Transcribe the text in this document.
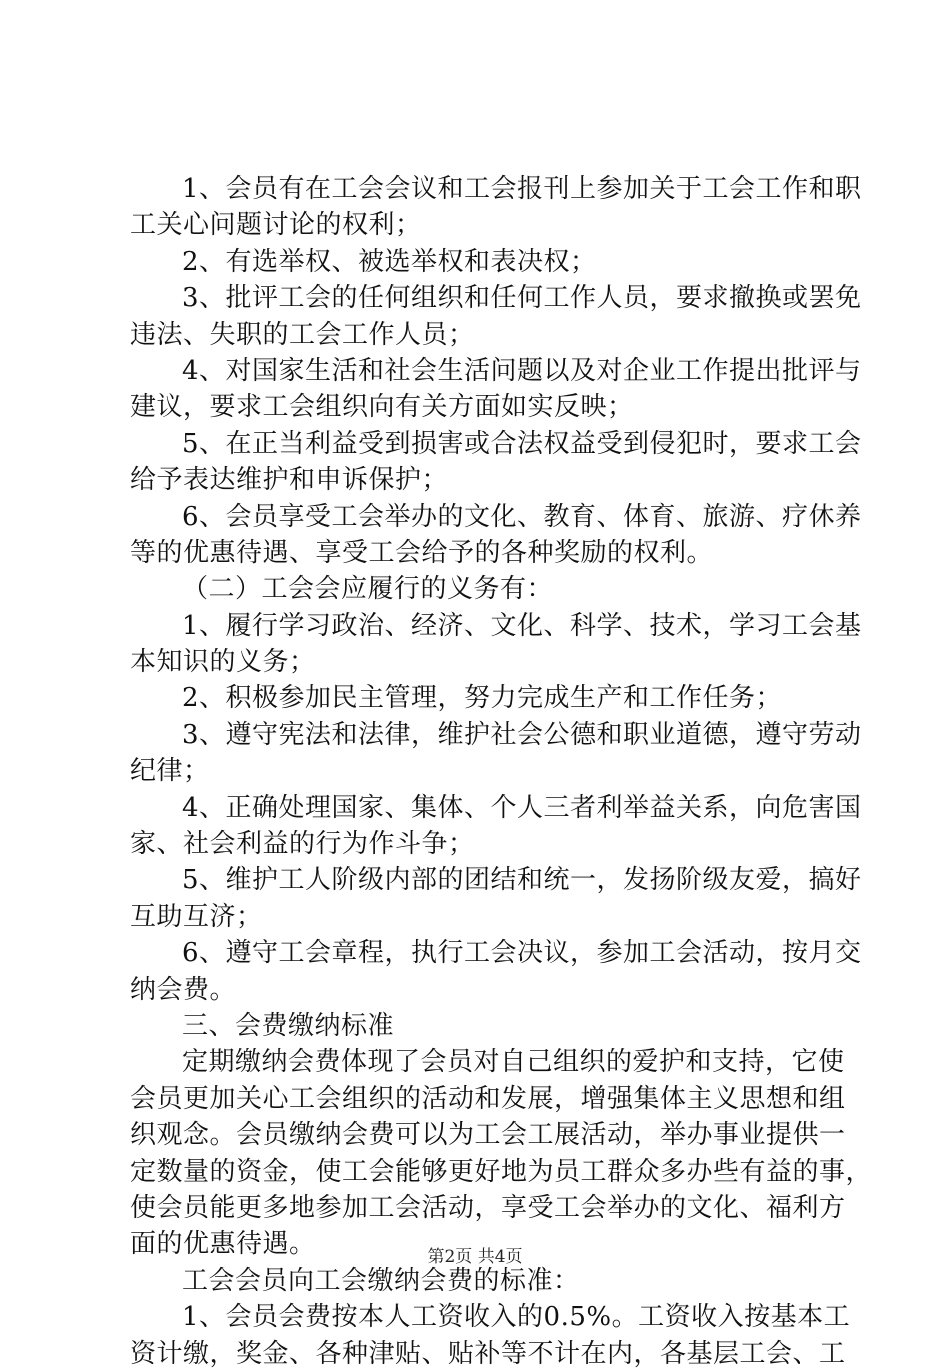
1、会员有在工会会议和工会报刊上参加关于工会工作和职
工关心问题讨论的权利；
2、有选举权、被选举权和表决权；
3、批评工会的任何组织和任何工作人员，要求撤换或罢免
违法、失职的工会工作人员；
4、对国家生活和社会生活问题以及对企业工作提出批评与
建议，要求工会组织向有关方面如实反映；
5、在正当利益受到损害或合法权益受到侵犯时，要求工会
给予表达维护和申诉保护；
6、会员享受工会举办的文化、教育、体育、旅游、疗休养
等的优惠待遇、享受工会给予的各种奖励的权利。
（二）工会会应履行的义务有：
1、履行学习政治、经济、文化、科学、技术，学习工会基
本知识的义务；
2、积极参加民主管理，努力完成生产和工作任务；
3、遵守宪法和法律，维护社会公德和职业道德，遵守劳动
纪律；
4、正确处理国家、集体、个人三者利举益关系，向危害国
家、社会利益的行为作斗争；
5、维护工人阶级内部的团结和统一，发扬阶级友爱，搞好
互助互济；
6、遵守工会章程，执行工会决议，参加工会活动，按月交
纳会费。
三、会费缴纳标准
定期缴纳会费体现了会员对自己组织的爱护和支持，它使
会员更加关心工会组织的活动和发展，增强集体主义思想和组
织观念。会员缴纳会费可以为工会工展活动，举办事业提供一
定数量的资金，使工会能够更好地为员工群众多办些有益的事，
使会员能更多地参加工会活动，享受工会举办的文化、福利方
面的优惠待遇。
工会会员向工会缴纳会费的标准：
1、会员会费按本人工资收入的0.5%。工资收入按基本工
资计缴，奖金、各种津贴、贴补等不计在内，各基层工会、工
第2页 共4页
